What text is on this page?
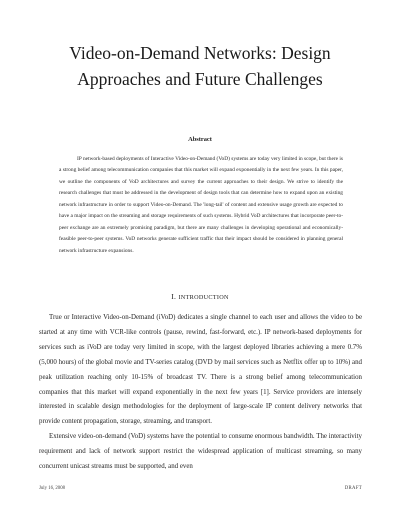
Video-on-Demand Networks: Design
Approaches and Future Challenges
Abstract
IP network-based deployments of Interactive Video-on-Demand (VoD) systems are today very limited in scope, but there is a strong belief among telecommunication companies that this market will expand exponentially in the next few years. In this paper, we outline the components of VoD architectures and survey the current approaches to their design. We strive to identify the research challenges that must be addressed in the development of design tools that can determine how to expand upon an existing network infrastructure in order to support Video-on-Demand. The 'long-tail' of content and extensive usage growth are expected to have a major impact on the streaming and storage requirements of such systems. Hybrid VoD architectures that incorporate peer-to-peer exchange are an extremely promising paradigm, but there are many challenges in developing operational and economically-feasible peer-to-peer systems. VoD networks generate sufficient traffic that their impact should be considered in planning general network infrastructure expansions.
I. INTRODUCTION

True or Interactive Video-on-Demand (iVoD) dedicates a single channel to each user and allows the video to be started at any time with VCR-like controls (pause, rewind, fast-forward, etc.). IP network-based deployments for services such as iVoD are today very limited in scope, with the largest deployed libraries achieving a mere 0.7% (5,000 hours) of the global movie and TV-series catalog (DVD by mail services such as Netflix offer up to 10%) and peak utilization reaching only 10-15% of broadcast TV. There is a strong belief among telecommunication companies that this market will expand exponentially in the next few years [1]. Service providers are intensely interested in scalable design methodologies for the deployment of large-scale IP content delivery networks that provide content propagation, storage, streaming, and transport.

Extensive video-on-demand (VoD) systems have the potential to consume enormous bandwidth. The interactivity requirement and lack of network support restrict the widespread application of multicast streaming, so many concurrent unicast streams must be supported, and even

July 16, 2008	DRAFT
